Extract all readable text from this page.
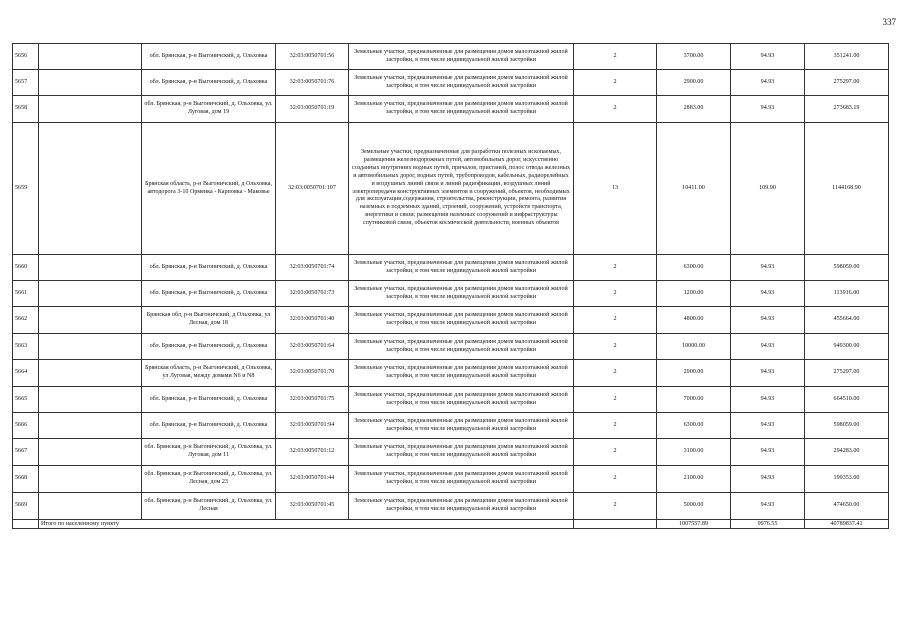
337
5656		обл. Брянская, р-н Выгоничский, д. Ольховка	32:03:0050701:56	Земельные участки, предназначенные для размещения домов малоэтажной жилой застройки, в том числе индивидуальной жилой застройки	2	3700.00	94.93	351241.00
5657		обл. Брянская, р-н Выгоничский, д. Ольховка	32:03:0050701:76	Земельные участки, предназначенные для размещения домов малоэтажной жилой застройки, в том числе индивидуальной жилой застройки	2	2900.00	94.93	275297.00
5658		обл. Брянская, р-н Выгоничский, д. Ольховка, ул. Луговая, дом 19	32:03:0050701:19	Земельные участки, предназначенные для размещения домов малоэтажной жилой застройки, в том числе индивидуальной жилой застройки	2	2883.00	94.93	273683.19
5659		Брянская область, р-н Выгоничский, д Ольховка, автодорога 3-10 Орменка - Карповка - Маковье	32:03:0050701:107	Земельные участки, предназначенные для разработки полезных ископаемых, размещения железнодорожных путей, автомобильных дорог, искусственно созданных внутренних водных путей, причалов, пристаней, полос отвода железных и автомобильных дорог, водных путей, трубопроводов, кабельных, радиорелейных и воздушных линий связи и линий радиофикации, воздушных линий электропередачи конструктивных элементов и сооружений, объектов, необходимых для эксплуатации,содержания, строительства, реконструкции, ремонта, развития наземных и подземных зданий, строений, сооружений, устройств транспорта, энергетики и связи; размещения наземных сооружений и инфраструктуры спутниковой связи, объектов космической деятельности, военных объектов	13	10411.00	109.90	1144168.90
5660		обл. Брянская, р-н Выгоничский, д. Ольховка	32:03:0050701:74	Земельные участки, предназначенные для размещения домов малоэтажной жилой застройки, в том числе индивидуальной жилой застройки	2	6300.00	94.93	598059.00
5661		обл. Брянская, р-н Выгоничский, д. Ольховка	32:03:0050701:73	Земельные участки, предназначенные для размещения домов малоэтажной жилой застройки, в том числе индивидуальной жилой застройки	2	1200.00	94.93	113916.00
5662		Брянская обл, р-н Выгоничский, д Ольховка, ул Лесная, дом 18	32:03:0050701:40	Земельные участки, предназначенные для размещения домов малоэтажной жилой застройки, в том числе индивидуальной жилой застройки	2	4800.00	94.93	455664.00
5663		обл. Брянская, р-н Выгоничский, д. Ольховка	32:03:0050701:64	Земельные участки, предназначенные для размещения домов малоэтажной жилой застройки, в том числе индивидуальной жилой застройки	2	10000.00	94.93	949300.00
5664		Брянская область, р-н Выгоничский, д Ольховка, ул Луговая, между домами N6 и N8	32:03:0050701:70	Земельные участки, предназначенные для размещения домов малоэтажной жилой застройки, в том числе индивидуальной жилой застройки	2	2900.00	94.93	275297.00
5665		обл. Брянская, р-н Выгоничский, д. Ольховка	32:03:0050701:75	Земельные участки, предназначенные для размещения домов малоэтажной жилой застройки, в том числе индивидуальной жилой застройки	2	7000.00	94.93	664510.00
5666		обл. Брянская, р-н Выгоничский, д. Ольховка	32:03:0050701:94	Земельные участки, предназначенные для размещения домов малоэтажной жилой застройки, в том числе индивидуальной жилой застройки	2	6300.00	94.93	598059.00
5667		обл. Брянская, р-н Выгоничский, д. Ольховка, ул. Луговая, дом 11	32:03:0050701:12	Земельные участки, предназначенные для размещения домов малоэтажной жилой застройки, в том числе индивидуальной жилой застройки	2	3100.00	94.93	294283.00
5668		обл. Брянская, р-н Выгоничский, д. Ольховка, ул. Лесная, дом 23	32:03:0050701:44	Земельные участки, предназначенные для размещения домов малоэтажной жилой застройки, в том числе индивидуальной жилой застройки	2	2100.00	94.93	199353.00
5669		обл. Брянская, р-н Выгоничский, д. Ольховка, ул. Лесная	32:03:0050701:45	Земельные участки, предназначенные для размещения домов малоэтажной жилой застройки, в том числе индивидуальной жилой застройки	2	5000.00	94.93	474650.00
	Итого по населенному пункту					1007557.89	9976.55	40789837.41
